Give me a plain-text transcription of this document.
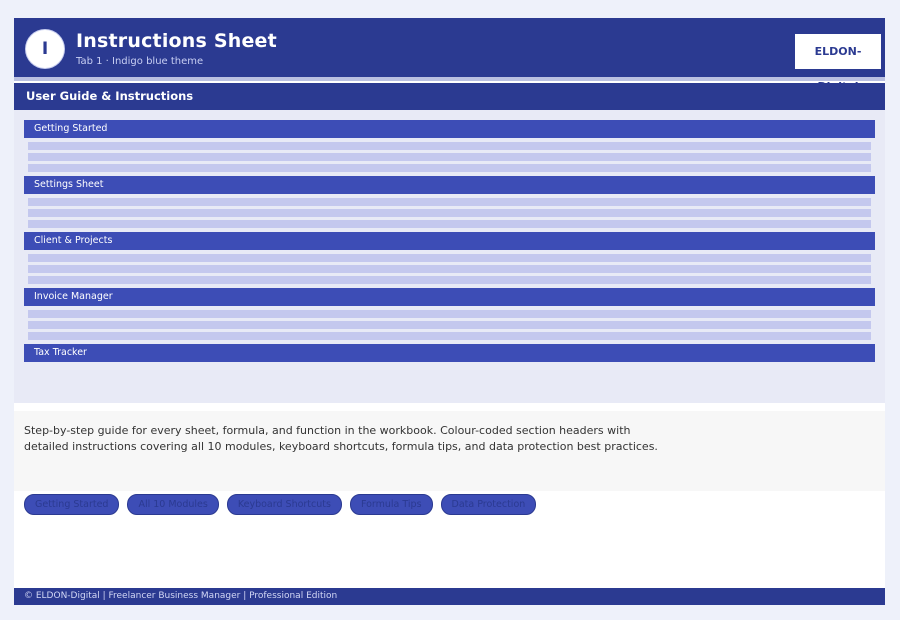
I	Instructions Sheet
Tab 1 · Indigo blue theme
ELDON-
User Guide & Instructions
Getting Started
Settings Sheet
Client & Projects
Invoice Manager
Tax Tracker

Step-by-step guide for every sheet, formula, and function in the workbook. Colour-coded section headers with detailed instructions covering all 10 modules, keyboard shortcuts, formula tips, and data protection best practices.

Getting Started	All 10 Modules	Keyboard Shortcuts	Formula Tips	Data Protection
© ELDON-Digital | Freelancer Business Manager | Professional Edition
